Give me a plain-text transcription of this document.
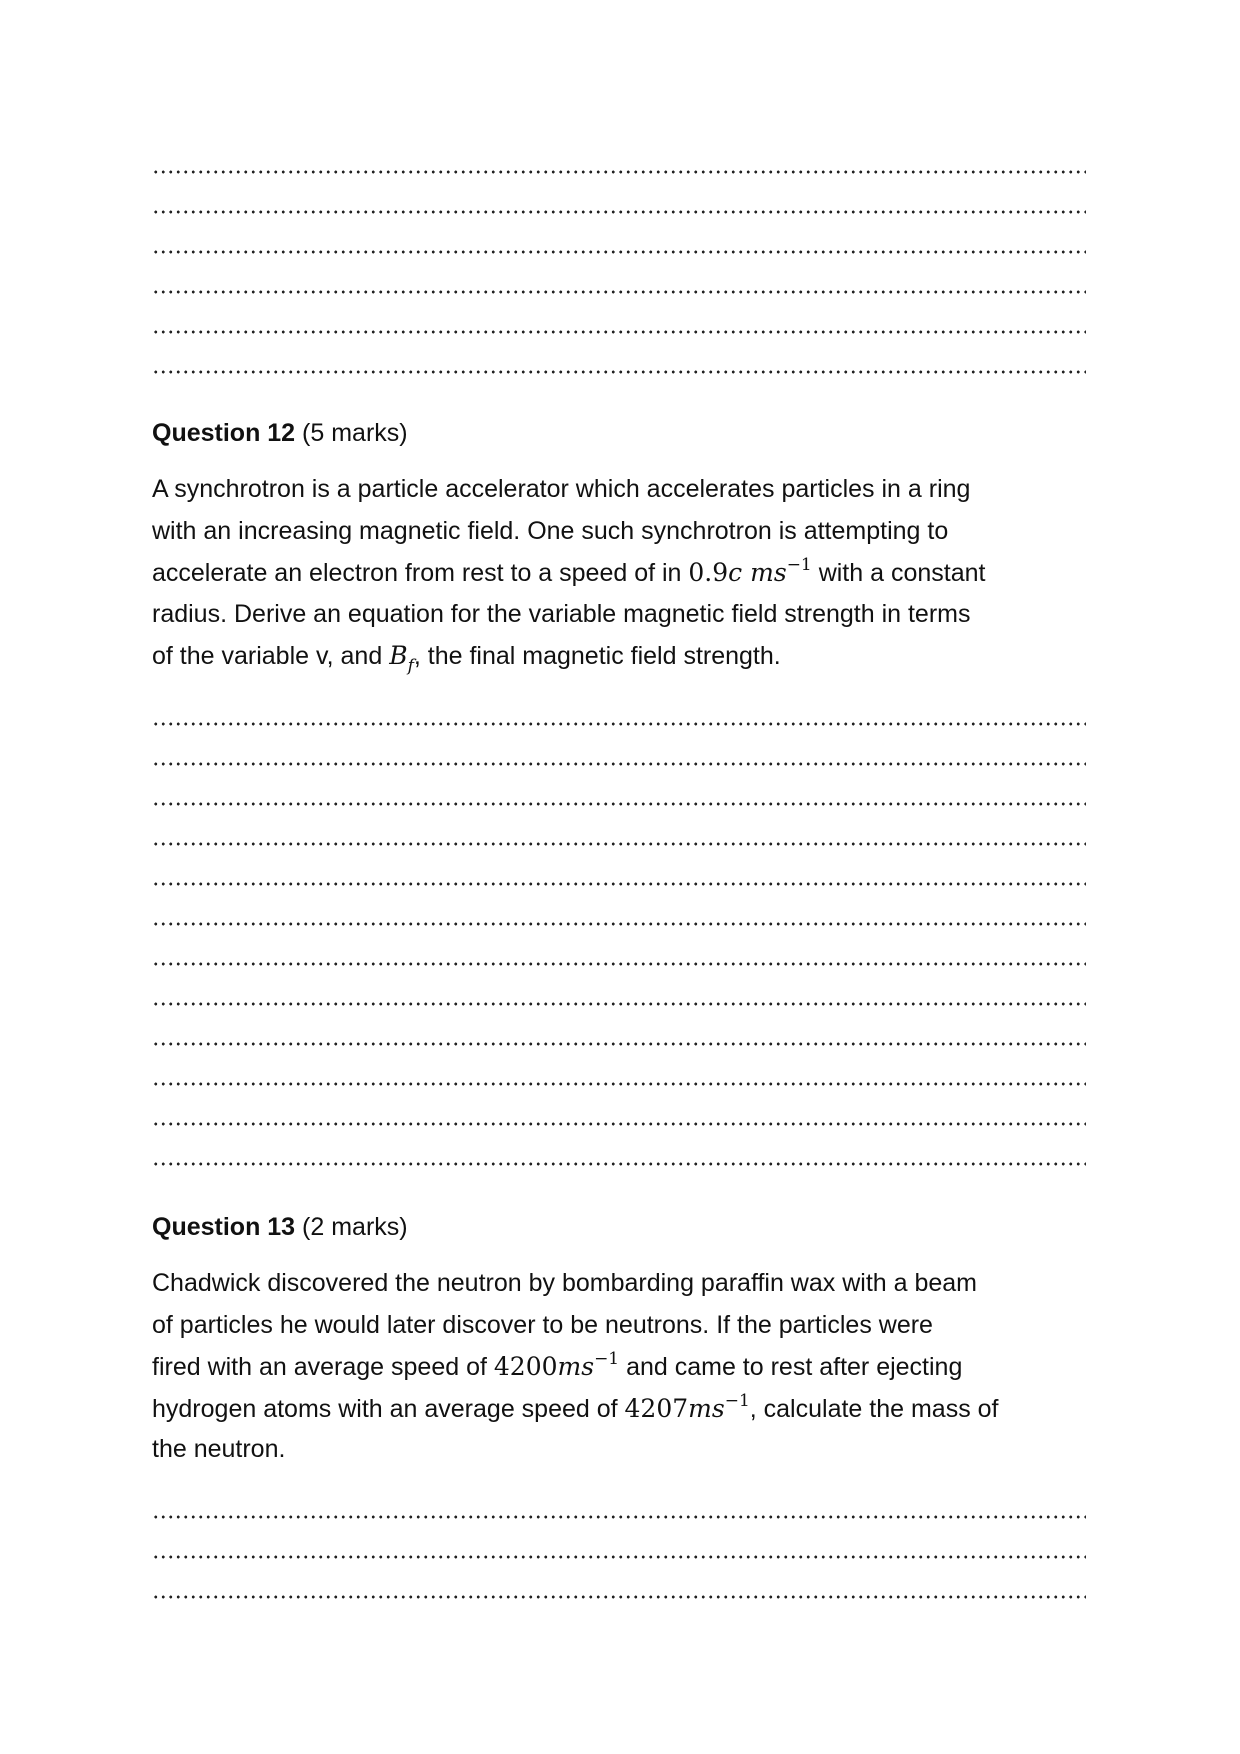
Question 12 (5 marks)
A synchrotron is a particle accelerator which accelerates particles in a ring
with an increasing magnetic field. One such synchrotron is attempting to
accelerate an electron from rest to a speed of in 0.9c $ms^{-1}$ with a constant
radius. Derive an equation for the variable magnetic field strength in terms
of the variable v, and $B_f$, the final magnetic field strength.
Question 13 (2 marks)
Chadwick discovered the neutron by bombarding paraffin wax with a beam
of particles he would later discover to be neutrons. If the particles were
fired with an average speed of $4200ms^{-1}$ and came to rest after ejecting
hydrogen atoms with an average speed of $4207ms^{-1}$, calculate the mass of
the neutron.
